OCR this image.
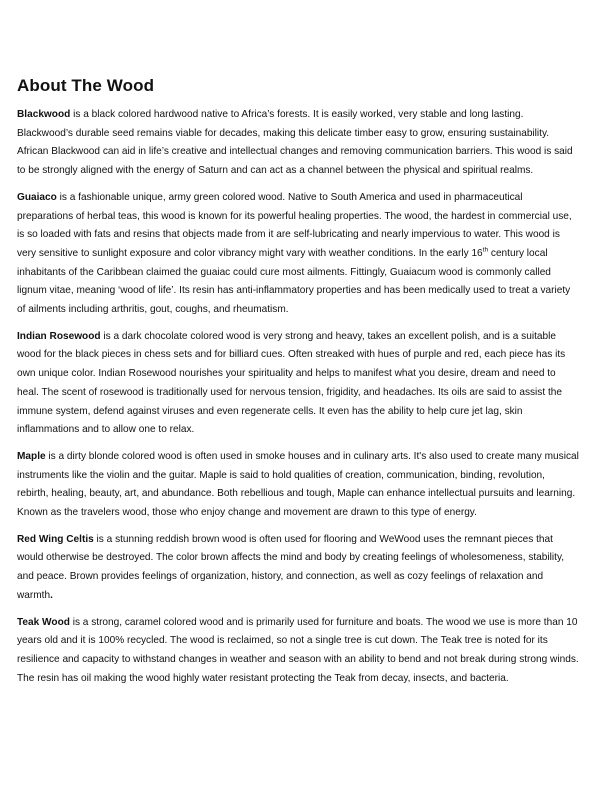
About The Wood

Blackwood is a black colored hardwood native to Africa’s forests. It is easily worked, very stable and long lasting. Blackwood’s durable seed remains viable for decades, making this delicate timber easy to grow, ensuring sustainability. African Blackwood can aid in life’s creative and intellectual changes and removing communication barriers. This wood is said to be strongly aligned with the energy of Saturn and can act as a channel between the physical and spiritual realms.

Guaiaco is a fashionable unique, army green colored wood. Native to South America and used in pharmaceutical preparations of herbal teas, this wood is known for its powerful healing properties. The wood, the hardest in commercial use, is so loaded with fats and resins that objects made from it are self-lubricating and nearly impervious to water. This wood is very sensitive to sunlight exposure and color vibrancy might vary with weather conditions. In the early 16th century local inhabitants of the Caribbean claimed the guaiac could cure most ailments. Fittingly, Guaiacum wood is commonly called lignum vitae, meaning ‘wood of life’. Its resin has anti-inflammatory properties and has been medically used to treat a variety of ailments including arthritis, gout, coughs, and rheumatism.

Indian Rosewood is a dark chocolate colored wood is very strong and heavy, takes an excellent polish, and is a suitable wood for the black pieces in chess sets and for billiard cues. Often streaked with hues of purple and red, each piece has its own unique color. Indian Rosewood nourishes your spirituality and helps to manifest what you desire, dream and need to heal. The scent of rosewood is traditionally used for nervous tension, frigidity, and headaches. Its oils are said to assist the immune system, defend against viruses and even regenerate cells. It even has the ability to help cure jet lag, skin inflammations and to allow one to relax.

Maple is a dirty blonde colored wood is often used in smoke houses and in culinary arts. It's also used to create many musical instruments like the violin and the guitar. Maple is said to hold qualities of creation, communication, binding, revolution, rebirth, healing, beauty, art, and abundance. Both rebellious and tough, Maple can enhance intellectual pursuits and learning. Known as the travelers wood, those who enjoy change and movement are drawn to this type of energy.

Red Wing Celtis is a stunning reddish brown wood is often used for flooring and WeWood uses the remnant pieces that would otherwise be destroyed. The color brown affects the mind and body by creating feelings of wholesomeness, stability, and peace. Brown provides feelings of organization, history, and connection, as well as cozy feelings of relaxation and warmth.

Teak Wood is a strong, caramel colored wood and is primarily used for furniture and boats. The wood we use is more than 10 years old and it is 100% recycled. The wood is reclaimed, so not a single tree is cut down. The Teak tree is noted for its resilience and capacity to withstand changes in weather and season with an ability to bend and not break during strong winds. The resin has oil making the wood highly water resistant protecting the Teak from decay, insects, and bacteria.
